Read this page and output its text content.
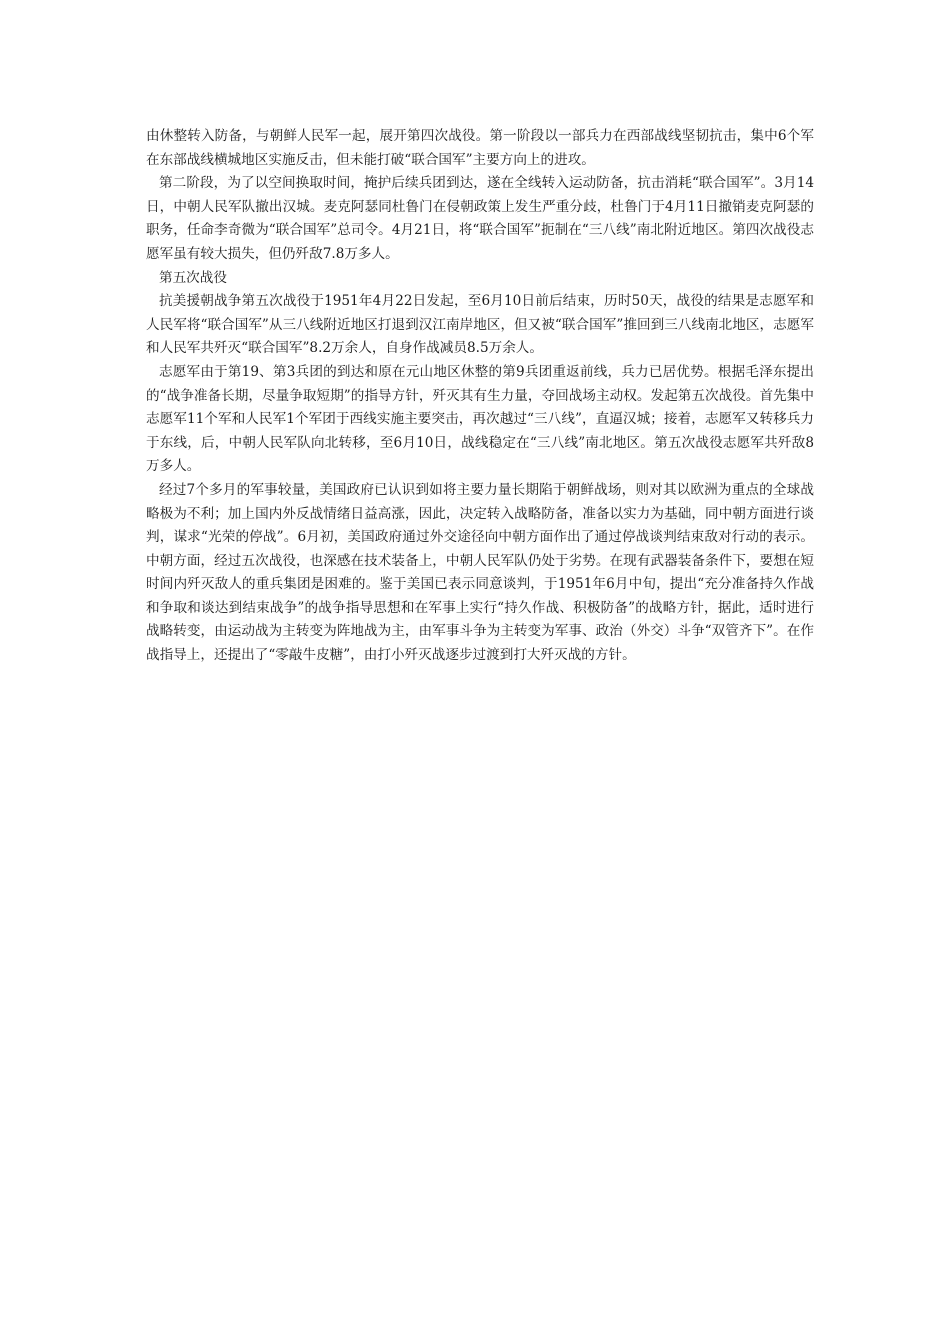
由休整转入防备，与朝鲜人民军一起，展开第四次战役。第一阶段以一部兵力在西部战线坚韧抗击，集中6个军在东部战线横城地区实施反击，但未能打破“联合国军”主要方向上的进攻。

第二阶段，为了以空间换取时间，掩护后续兵团到达，遂在全线转入运动防备，抗击消耗“联合国军”。3月14日，中朝人民军队撤出汉城。麦克阿瑟同杜鲁门在侵朝政策上发生严重分歧，杜鲁门于4月11日撤销麦克阿瑟的职务，任命李奇微为“联合国军”总司令。4月21日，将“联合国军”扼制在“三八线”南北附近地区。第四次战役志愿军虽有较大损失，但仍歼敌7.8万多人。

第五次战役

抗美援朝战争第五次战役于1951年4月22日发起，至6月10日前后结束，历时50天，战役的结果是志愿军和人民军将“联合国军”从三八线附近地区打退到汉江南岸地区，但又被“联合国军”推回到三八线南北地区，志愿军和人民军共歼灭“联合国军”8.2万余人，自身作战减员8.5万余人。

志愿军由于第19、第3兵团的到达和原在元山地区休整的第9兵团重返前线，兵力已居优势。根据毛泽东提出的“战争准备长期，尽量争取短期”的指导方针，歼灭其有生力量，夺回战场主动权。发起第五次战役。首先集中志愿军11个军和人民军1个军团于西线实施主要突击，再次越过“三八线”，直逼汉城；接着，志愿军又转移兵力于东线，后，中朝人民军队向北转移，至6月10日，战线稳定在“三八线”南北地区。第五次战役志愿军共歼敌8万多人。

经过7个多月的军事较量，美国政府已认识到如将主要力量长期陷于朝鲜战场，则对其以欧洲为重点的全球战略极为不利；加上国内外反战情绪日益高涨，因此，决定转入战略防备，准备以实力为基础，同中朝方面进行谈判，谋求“光荣的停战”。6月初，美国政府通过外交途径向中朝方面作出了通过停战谈判结束敌对行动的表示。中朝方面，经过五次战役，也深感在技术装备上，中朝人民军队仍处于劣势。在现有武器装备条件下，要想在短时间内歼灭敌人的重兵集团是困难的。鉴于美国已表示同意谈判，于1951年6月中旬，提出“充分准备持久作战和争取和谈达到结束战争”的战争指导思想和在军事上实行“持久作战、积极防备”的战略方针，据此，适时进行战略转变，由运动战为主转变为阵地战为主，由军事斗争为主转变为军事、政治（外交）斗争“双管齐下”。在作战指导上，还提出了“零敲牛皮糖”，由打小歼灭战逐步过渡到打大歼灭战的方针。
